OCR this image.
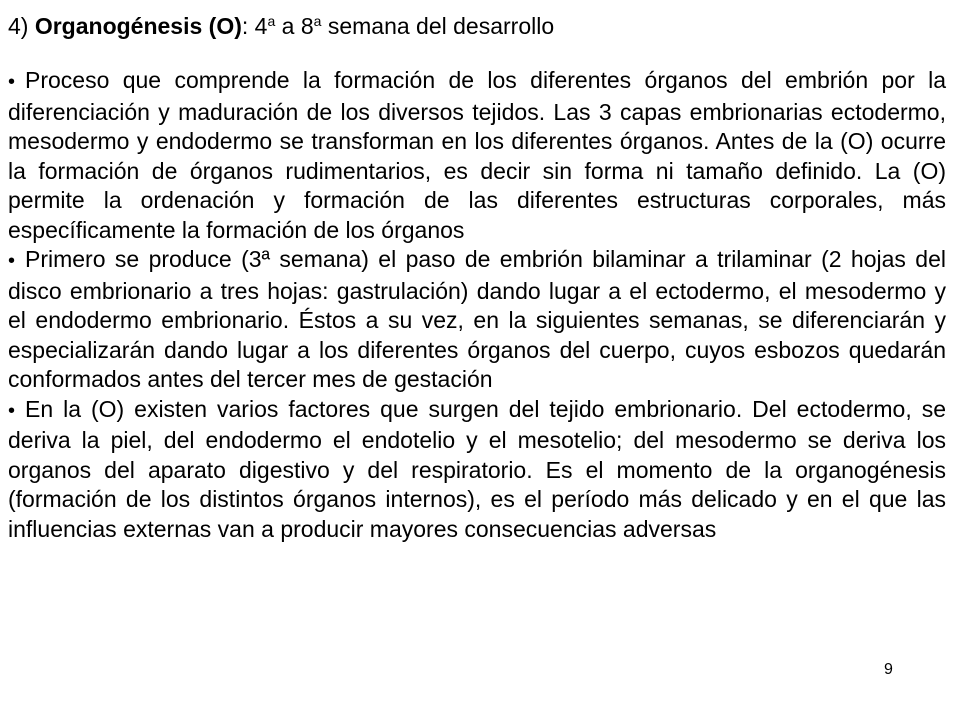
4) Organogénesis (O): 4$^a$ a 8$^a$ semana del desarrollo

• Proceso que comprende la formación de los diferentes órganos del embrión por la diferenciación y maduración de los diversos tejidos. Las 3 capas embrionarias ectodermo, mesodermo y endodermo se transforman en los diferentes órganos. Antes de la (O) ocurre la formación de órganos rudimentarios, es decir sin forma ni tamaño definido. La (O) permite la ordenación y formación de las diferentes estructuras corporales, más específicamente la formación de los órganos

• Primero se produce (3ª semana) el paso de embrión bilaminar a trilaminar (2 hojas del disco embrionario a tres hojas: gastrulación) dando lugar a el ectodermo, el mesodermo y el endodermo embrionario. Éstos a su vez, en la siguientes semanas, se diferenciarán y especializarán dando lugar a los diferentes órganos del cuerpo, cuyos esbozos quedarán conformados antes del tercer mes de gestación

• En la (O) existen varios factores que surgen del tejido embrionario. Del ectodermo, se deriva la piel, del endodermo el endotelio y el mesotelio; del mesodermo se deriva los organos del aparato digestivo y del respiratorio. Es el momento de la organogénesis (formación de los distintos órganos internos), es el período más delicado y en el que las influencias externas van a producir mayores consecuencias adversas

9
